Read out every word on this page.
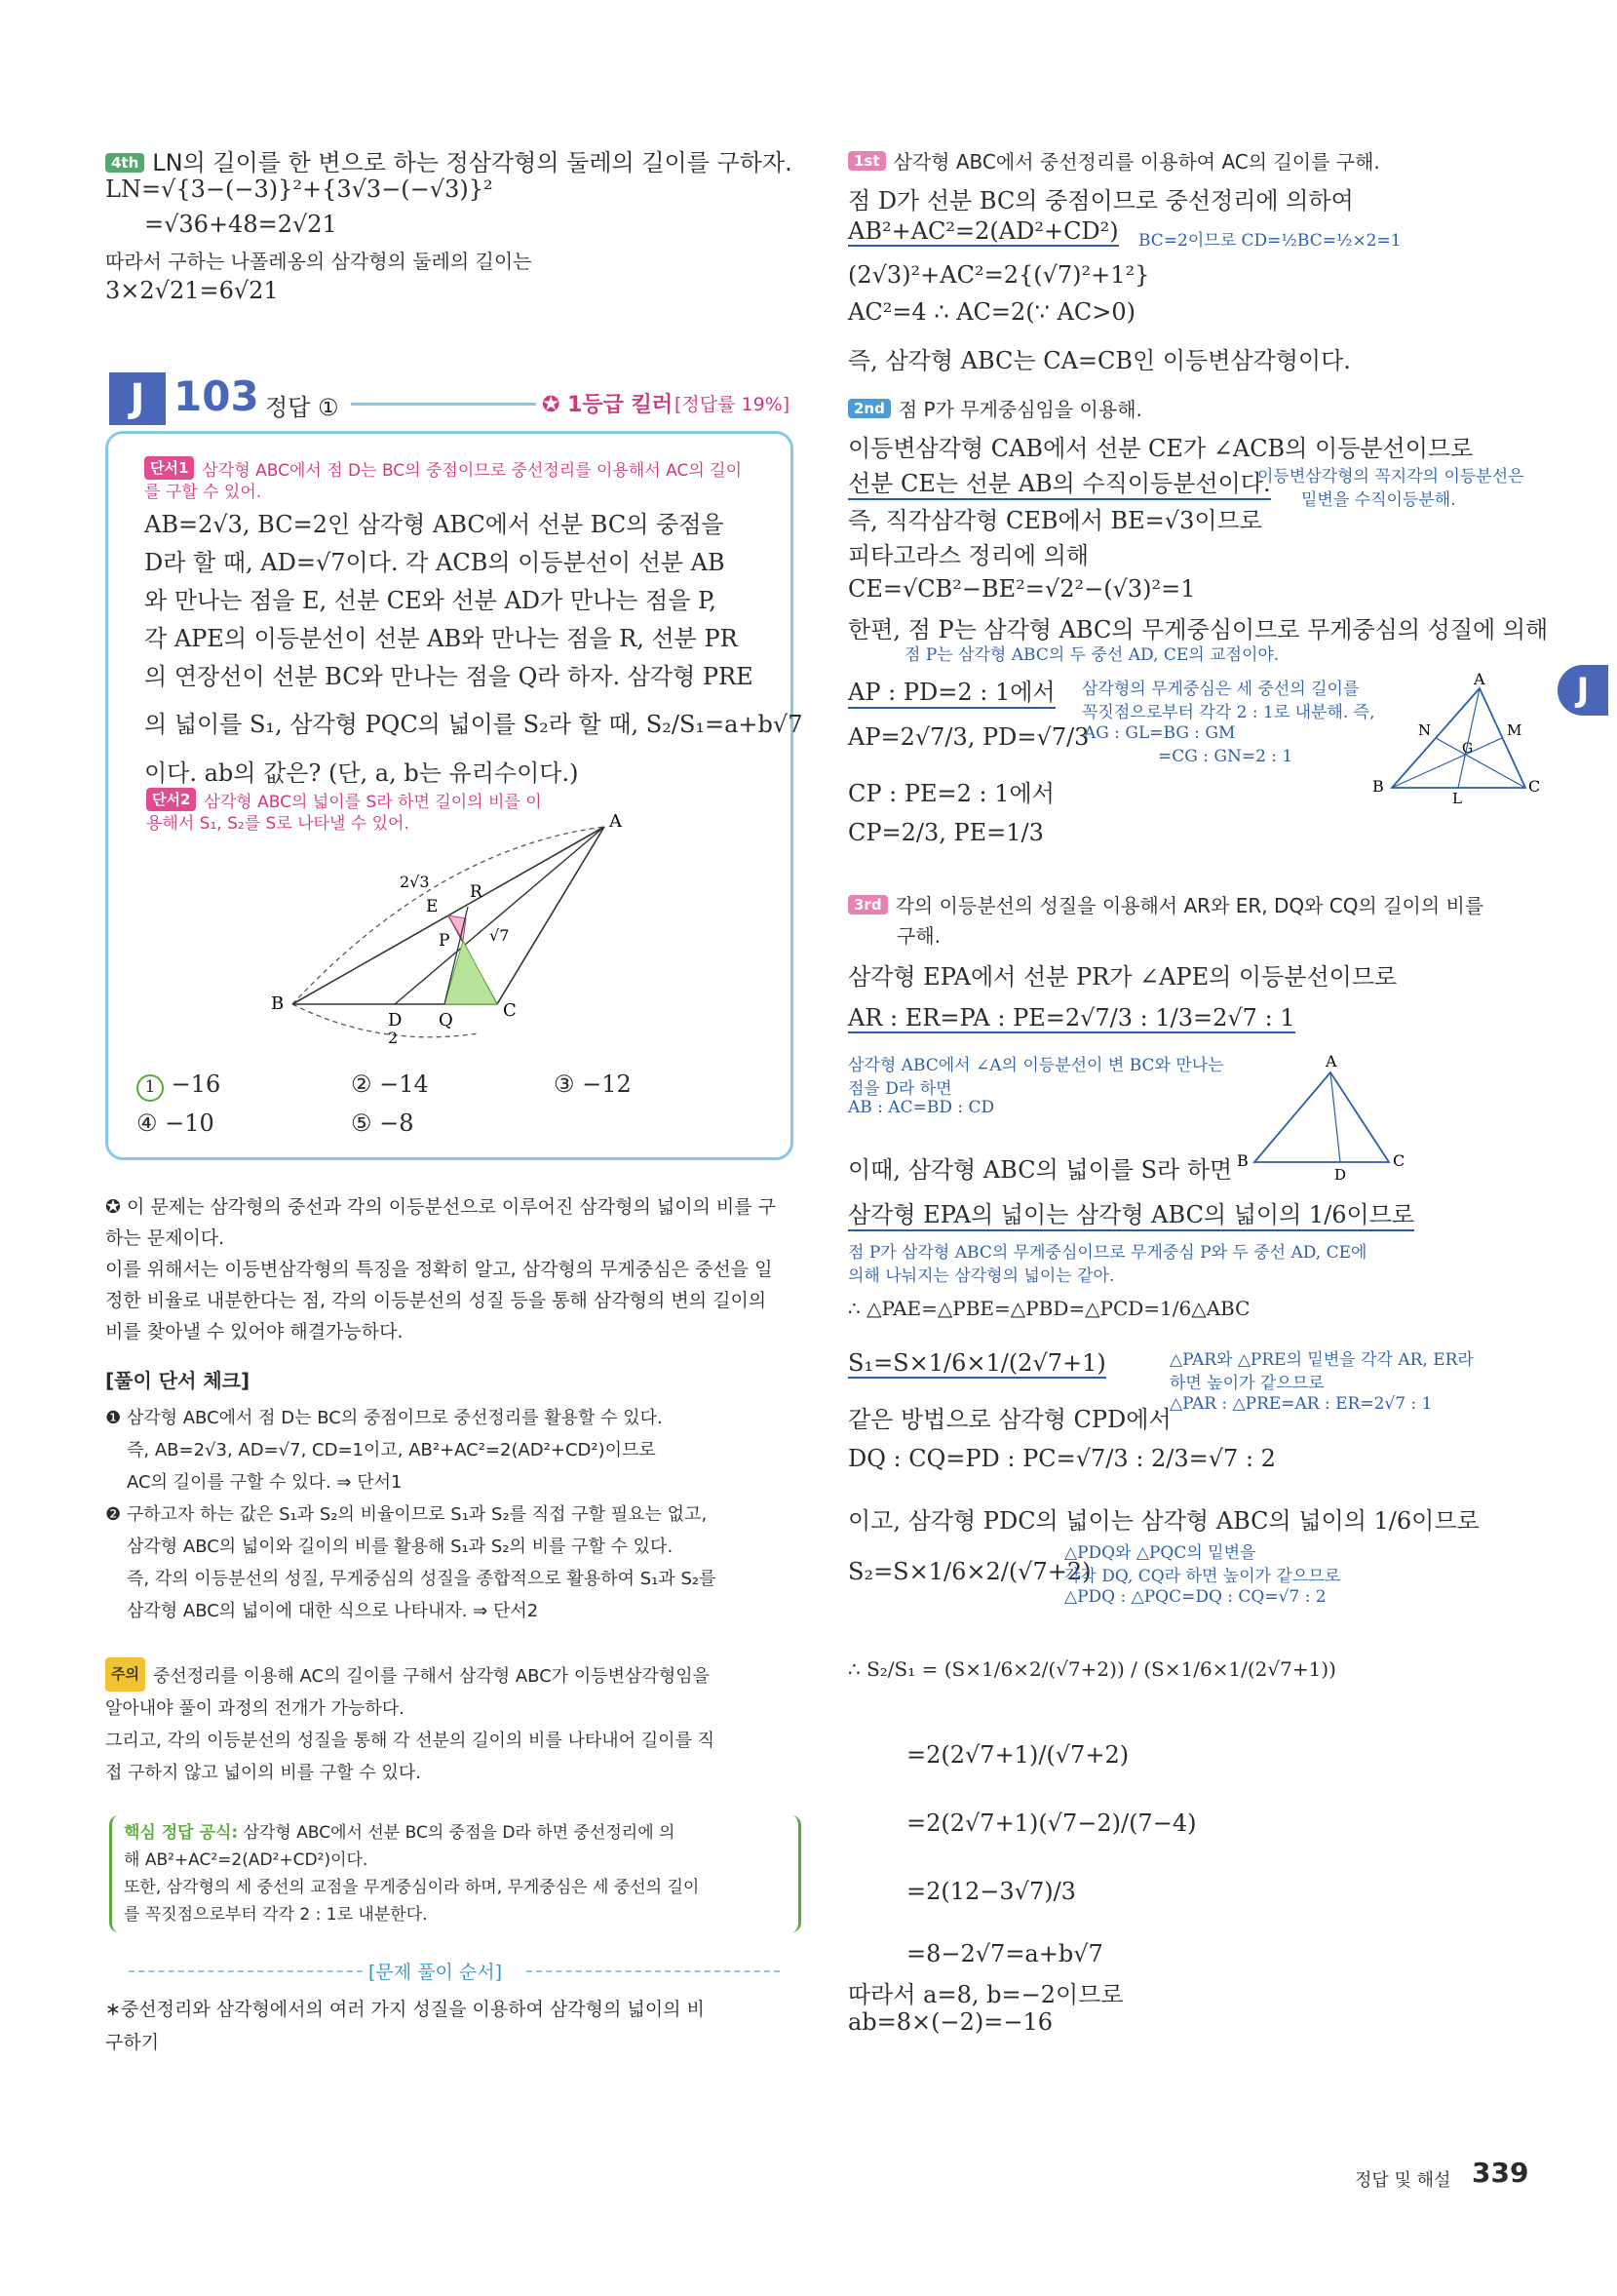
4th LN의 길이를 한 변으로 하는 정삼각형의 둘레의 길이를 구하자.
LN=√{3−(−3)}²+{3√3−(−√3)}²
=√36+48=2√21
따라서 구하는 나폴레옹의 삼각형의 둘레의 길이는
3×2√21=6√21
J 103 정답 ①	✪ 1등급 킬러 [정답률 19%]
단서1 삼각형 ABC에서 점 D는 BC의 중점이므로 중선정리를 이용해서 AC의 길이를 구할 수 있어.
AB=2√3, BC=2인 삼각형 ABC에서 선분 BC의 중점을
D라 할 때, AD=√7이다. 각 ACB의 이등분선이 선분 AB
와 만나는 점을 E, 선분 CE와 선분 AD가 만나는 점을 P,
각 APE의 이등분선이 선분 AB와 만나는 점을 R, 선분 PR
의 연장선이 선분 BC와 만나는 점을 Q라 하자. 삼각형 PRE
의 넓이를 S₁, 삼각형 PQC의 넓이를 S₂라 할 때, S₂/S₁=a+b√7
이다. ab의 값은? (단, a, b는 유리수이다.)
단서2 삼각형 ABC의 넓이를 S라 하면 길이의 비를 이용해서 S₁, S₂를 S로 나타낼 수 있어.	A
B	C
D Q
E
R
P
2√3
√7
2
1 −16	② −14	③ −12
④ −10	⑤ −8
✪ 이 문제는 삼각형의 중선과 각의 이등분선으로 이루어진 삼각형의 넓이의 비를 구하는 문제이다.
이를 위해서는 이등변삼각형의 특징을 정확히 알고, 삼각형의 무게중심은 중선을 일정한 비율로 내분한다는 점, 각의 이등분선의 성질 등을 통해 삼각형의 변의 길이의 비를 찾아낼 수 있어야 해결가능하다.
[풀이 단서 체크]
❶ 삼각형 ABC에서 점 D는 BC의 중점이므로 중선정리를 활용할 수 있다.
즉, AB=2√3, AD=√7, CD=1이고, AB²+AC²=2(AD²+CD²)이므로
AC의 길이를 구할 수 있다. ⇒ 단서1
❷ 구하고자 하는 값은 S₁과 S₂의 비율이므로 S₁과 S₂를 직접 구할 필요는 없고,
삼각형 ABC의 넓이와 길이의 비를 활용해 S₁과 S₂의 비를 구할 수 있다.
즉, 각의 이등분선의 성질, 무게중심의 성질을 종합적으로 활용하여 S₁과 S₂를
삼각형 ABC의 넓이에 대한 식으로 나타내자. ⇒ 단서2
주의 중선정리를 이용해 AC의 길이를 구해서 삼각형 ABC가 이등변삼각형임을
알아내야 풀이 과정의 전개가 가능하다.
그리고, 각의 이등분선의 성질을 통해 각 선분의 길이의 비를 나타내어 길이를 직
접 구하지 않고 넓이의 비를 구할 수 있다.
핵심 정답 공식: 삼각형 ABC에서 선분 BC의 중점을 D라 하면 중선정리에 의
해 AB²+AC²=2(AD²+CD²)이다.
또한, 삼각형의 세 중선의 교점을 무게중심이라 하며, 무게중심은 세 중선의 길이
를 꼭짓점으로부터 각각 2 : 1로 내분한다.
[문제 풀이 순서]
∗중선정리와 삼각형에서의 여러 가지 성질을 이용하여 삼각형의 넓이의 비
구하기
1st 삼각형 ABC에서 중선정리를 이용하여 AC의 길이를 구해.
점 D가 선분 BC의 중점이므로 중선정리에 의하여
AB²+AC²=2(AD²+CD²) BC=2이므로 CD=½BC=½×2=1
(2√3)²+AC²=2{(√7)²+1²}
AC²=4 ∴ AC=2(∵ AC>0)
즉, 삼각형 ABC는 CA=CB인 이등변삼각형이다.
2nd 점 P가 무게중심임을 이용해.
이등변삼각형 CAB에서 선분 CE가 ∠ACB의 이등분선이므로
선분 CE는 선분 AB의 수직이등분선이다.
이등변삼각형의 꼭지각의 이등분선은
밑변을 수직이등분해.
즉, 직각삼각형 CEB에서 BE=√3이므로
피타고라스 정리에 의해
CE=√CB²−BE²=√2²−(√3)²=1
한편, 점 P는 삼각형 ABC의 무게중심이므로 무게중심의 성질에 의해
점 P는 삼각형 ABC의 두 중선 AD, CE의 교점이야.
AP : PD=2 : 1에서 삼각형의 무게중심은 세 중선의 길이를
꼭짓점으로부터 각각 2 : 1로 내분해. 즉,
AG : GL=BG : GM
=CG : GN=2 : 1
AP=2√7/3, PD=√7/3
CP : PE=2 : 1에서
CP=2/3, PE=1/3
A
B	C
L
M
N
G
3rd 각의 이등분선의 성질을 이용해서 AR와 ER, DQ와 CQ의 길이의 비를
구해.
삼각형 EPA에서 선분 PR가 ∠APE의 이등분선이므로
AR : ER=PA : PE=2√7/3 : 1/3=2√7 : 1
삼각형 ABC에서 ∠A의 이등분선이 변 BC와 만나는
점을 D라 하면
AB : AC=BD : CD
A
B	C
D
이때, 삼각형 ABC의 넓이를 S라 하면
삼각형 EPA의 넓이는 삼각형 ABC의 넓이의 1/6이므로
점 P가 삼각형 ABC의 무게중심이므로 무게중심 P와 두 중선 AD, CE에
의해 나눠지는 삼각형의 넓이는 같아.
∴ △PAE=△PBE=△PBD=△PCD=1/6△ABC
S₁=S×1/6×1/(2√7+1)	△PAR와 △PRE의 밑변을 각각 AR, ER라
하면 높이가 같으므로
△PAR : △PRE=AR : ER=2√7 : 1
같은 방법으로 삼각형 CPD에서
DQ : CQ=PD : PC=√7/3 : 2/3=√7 : 2
이고, 삼각형 PDC의 넓이는 삼각형 ABC의 넓이의 1/6이므로
S₂=S×1/6×2/(√7+2)
△PDQ와 △PQC의 밑변을
각각 DQ, CQ라 하면 높이가 같으므로
△PDQ : △PQC=DQ : CQ=√7 : 2
∴ S₂/S₁ = (S×1/6×2/(√7+2)) / (S×1/6×1/(2√7+1))
=2(2√7+1)/(√7+2)
=2(2√7+1)(√7−2)/(7−4)
=2(12−3√7)/3
=8−2√7=a+b√7
따라서 a=8, b=−2이므로
ab=8×(−2)=−16
J
정답 및 해설 339
